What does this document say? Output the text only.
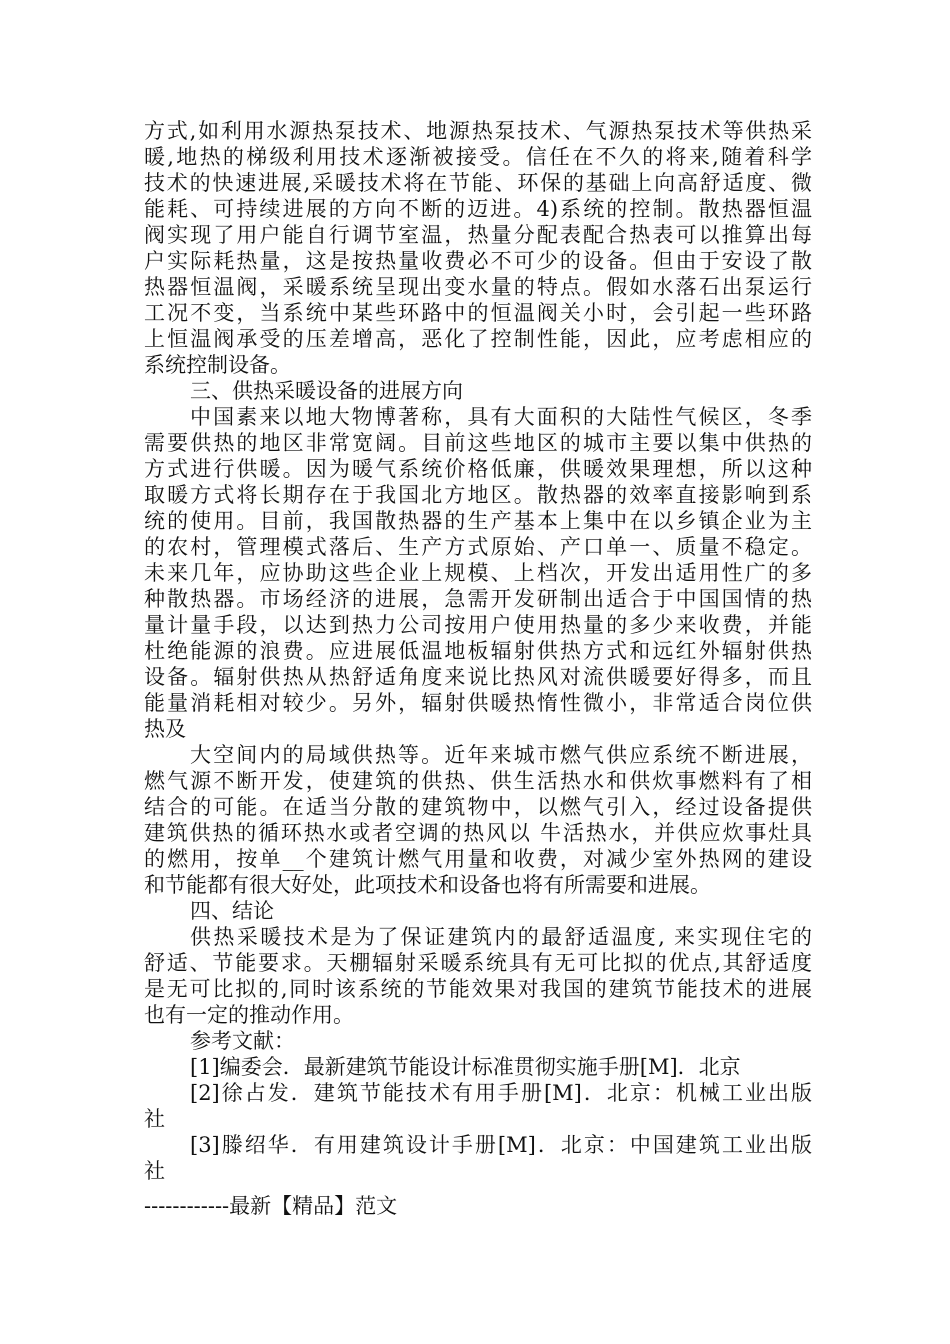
方式,如利用水源热泵技术、地源热泵技术、气源热泵技术等供热采
暖,地热的梯级利用技术逐渐被接受。信任在不久的将来,随着科学
技术的快速进展,采暖技术将在节能、环保的基础上向高舒适度、微
能耗、可持续进展的方向不断的迈进。4)系统的控制。散热器恒温
阀实现了用户能自行调节室温，热量分配表配合热表可以推算出每
户实际耗热量，这是按热量收费必不可少的设备。但由于安设了散
热器恒温阀，采暖系统呈现出变水量的特点。假如水落石出泵运行
工况不变，当系统中某些环路中的恒温阀关小时，会引起一些环路
上恒温阀承受的压差增高，恶化了控制性能，因此，应考虑相应的
系统控制设备。
三、供热采暖设备的进展方向
中国素来以地大物博著称，具有大面积的大陆性气候区，冬季
需要供热的地区非常宽阔。目前这些地区的城市主要以集中供热的
方式进行供暖。因为暖气系统价格低廉，供暖效果理想，所以这种
取暖方式将长期存在于我国北方地区。散热器的效率直接影响到系
统的使用。目前，我国散热器的生产基本上集中在以乡镇企业为主
的农村，管理模式落后、生产方式原始、产口单一、质量不稳定。
未来几年，应协助这些企业上规模、上档次，开发出适用性广的多
种散热器。市场经济的进展，急需开发研制出适合于中国国情的热
量计量手段，以达到热力公司按用户使用热量的多少来收费，并能
杜绝能源的浪费。应进展低温地板辐射供热方式和远红外辐射供热
设备。辐射供热从热舒适角度来说比热风对流供暖要好得多，而且
能量消耗相对较少。另外，辐射供暖热惰性微小，非常适合岗位供
热及
大空间内的局域供热等。近年来城市燃气供应系统不断进展，
燃气源不断开发，使建筑的供热、供生活热水和供炊事燃料有了相
结合的可能。在适当分散的建筑物中，以燃气引入，经过设备提供
建筑供热的循环热水或者空调的热风以 牛活热水，并供应炊事灶具
的燃用，按单__个建筑计燃气用量和收费，对减少室外热网的建设
和节能都有很大好处，此项技术和设备也将有所需要和进展。
四、结论
供热采暖技术是为了保证建筑内的最舒适温度, 来实现住宅的
舒适、节能要求。天棚辐射采暖系统具有无可比拟的优点,其舒适度
是无可比拟的,同时该系统的节能效果对我国的建筑节能技术的进展
也有一定的推动作用。
参考文献：
[1]编委会．最新建筑节能设计标准贯彻实施手册[M]．北京
[2]徐占发．建筑节能技术有用手册[M]．北京：机械工业出版
社
[3]滕绍华．有用建筑设计手册[M]．北京：中国建筑工业出版
社
------------最新【精品】范文
